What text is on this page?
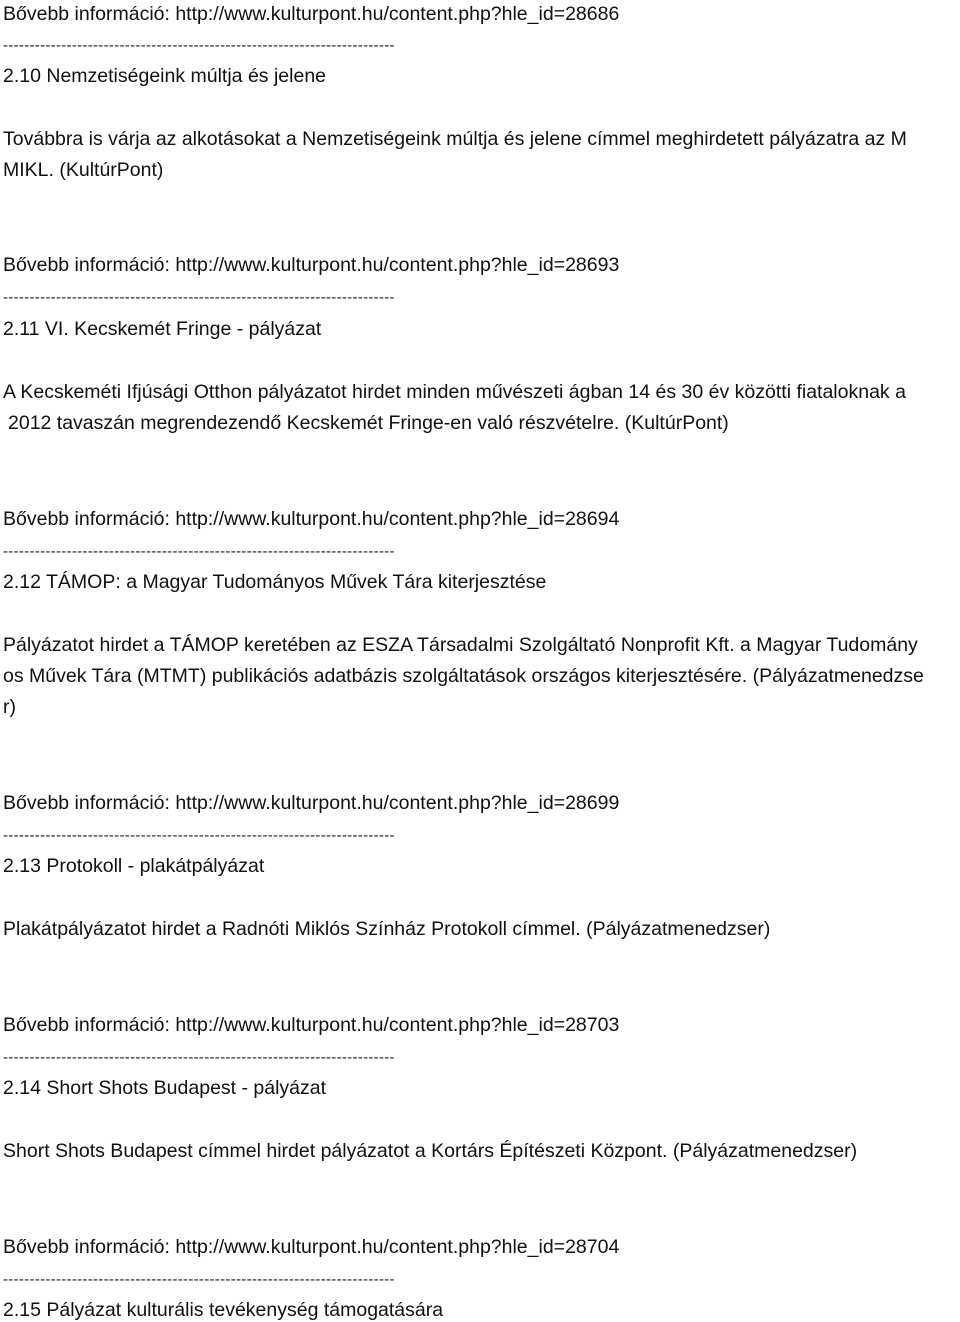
Bővebb információ: http://www.kulturpont.hu/content.php?hle_id=28686
--------------------------------------------------------------------------
2.10 Nemzetiségeink múltja és jelene
Továbbra is várja az alkotásokat a Nemzetiségeink múltja és jelene címmel meghirdetett pályázatra az M
MIKL. (KultúrPont)
Bővebb információ: http://www.kulturpont.hu/content.php?hle_id=28693
--------------------------------------------------------------------------
2.11 VI. Kecskemét Fringe - pályázat
A Kecskeméti Ifjúsági Otthon pályázatot hirdet minden művészeti ágban 14 és 30 év közötti fiataloknak a
2012 tavaszán megrendezendő Kecskemét Fringe-en való részvételre. (KultúrPont)
Bővebb információ: http://www.kulturpont.hu/content.php?hle_id=28694
--------------------------------------------------------------------------
2.12 TÁMOP: a Magyar Tudományos Művek Tára kiterjesztése
Pályázatot hirdet a TÁMOP keretében az ESZA Társadalmi Szolgáltató Nonprofit Kft. a Magyar Tudomány
os Művek Tára (MTMT) publikációs adatbázis szolgáltatások országos kiterjesztésére. (Pályázatmenedzse
r)
Bővebb információ: http://www.kulturpont.hu/content.php?hle_id=28699
--------------------------------------------------------------------------
2.13 Protokoll - plakátpályázat
Plakátpályázatot hirdet a Radnóti Miklós Színház Protokoll címmel. (Pályázatmenedzser)
Bővebb információ: http://www.kulturpont.hu/content.php?hle_id=28703
--------------------------------------------------------------------------
2.14 Short Shots Budapest - pályázat
Short Shots Budapest címmel hirdet pályázatot a Kortárs Építészeti Központ. (Pályázatmenedzser)
Bővebb információ: http://www.kulturpont.hu/content.php?hle_id=28704
--------------------------------------------------------------------------
2.15 Pályázat kulturális tevékenység támogatására
